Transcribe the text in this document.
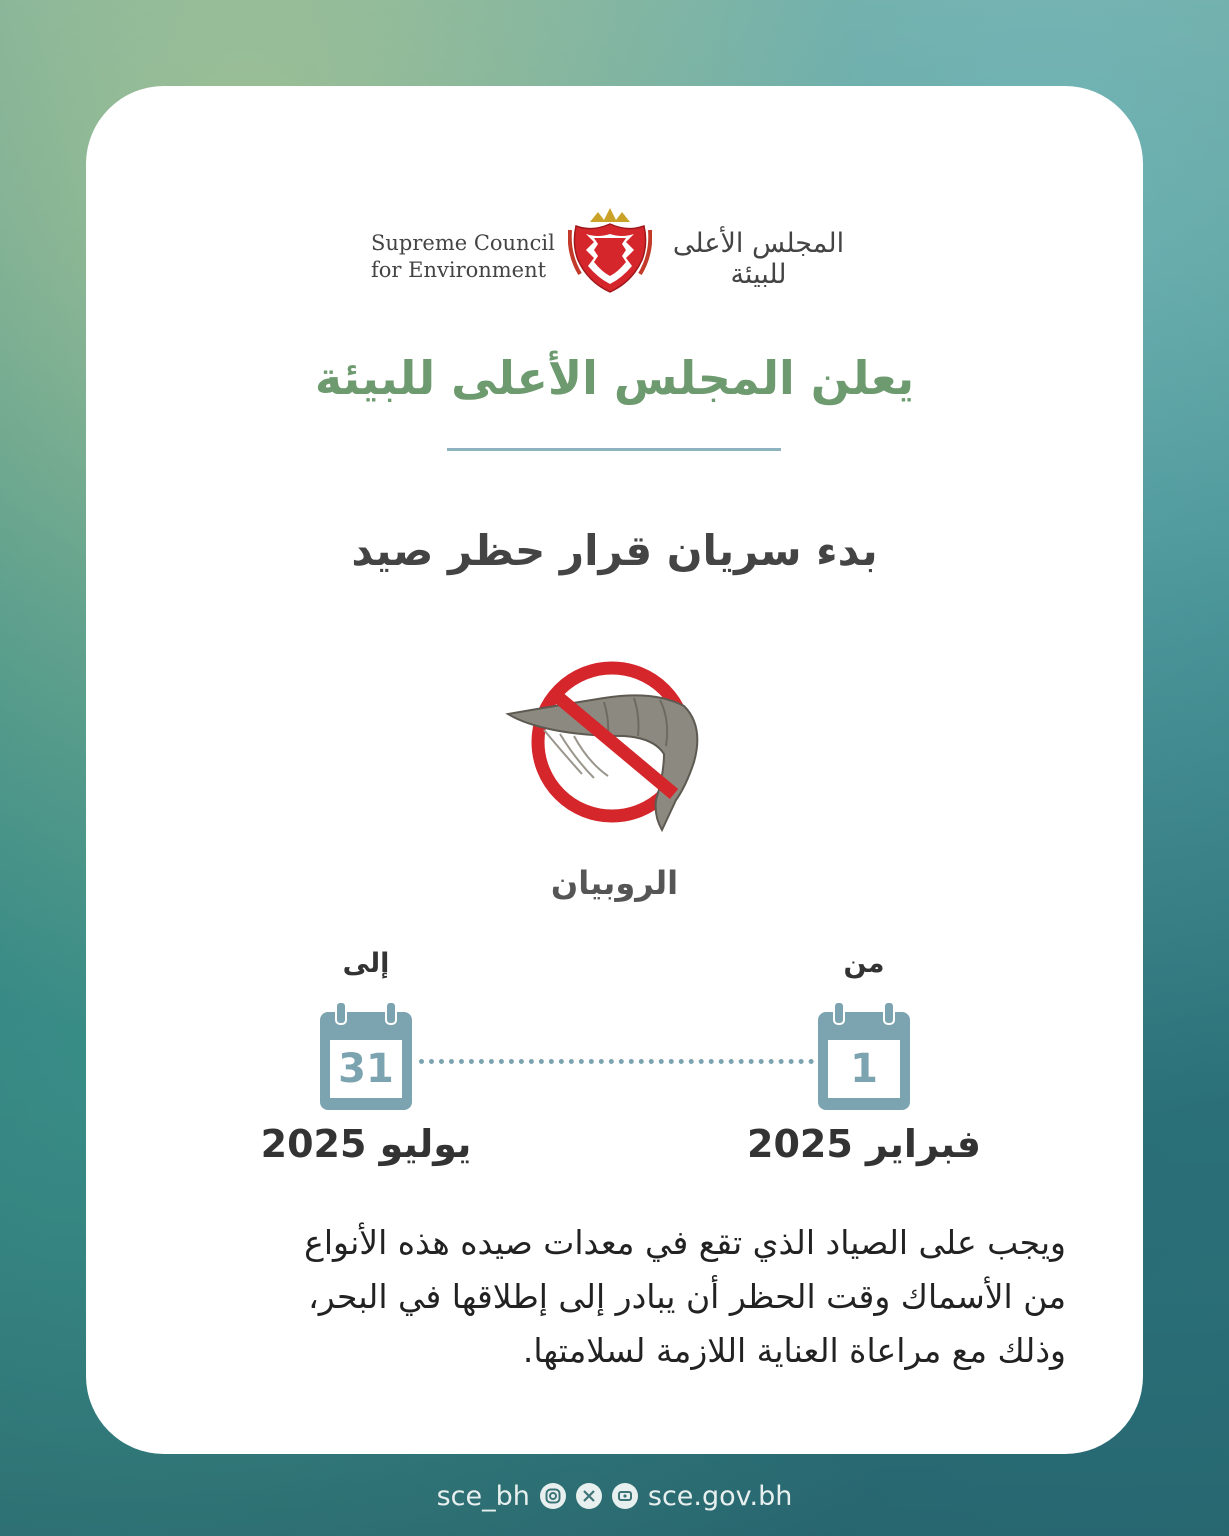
Supreme Council
for Environment
المجلس الأعلى للبيئة
يعلن المجلس الأعلى للبيئة
بدء سريان قرار حظر صيد
الروبيان
من
إلى
1
31
فبراير 2025
يوليو 2025
ويجب على الصياد الذي تقع في معدات صيده هذه الأنواع
من الأسماك وقت الحظر أن يبادر إلى إطلاقها في البحر،
وذلك مع مراعاة العناية اللازمة لسلامتها.
sce_bh	sce.gov.bh
